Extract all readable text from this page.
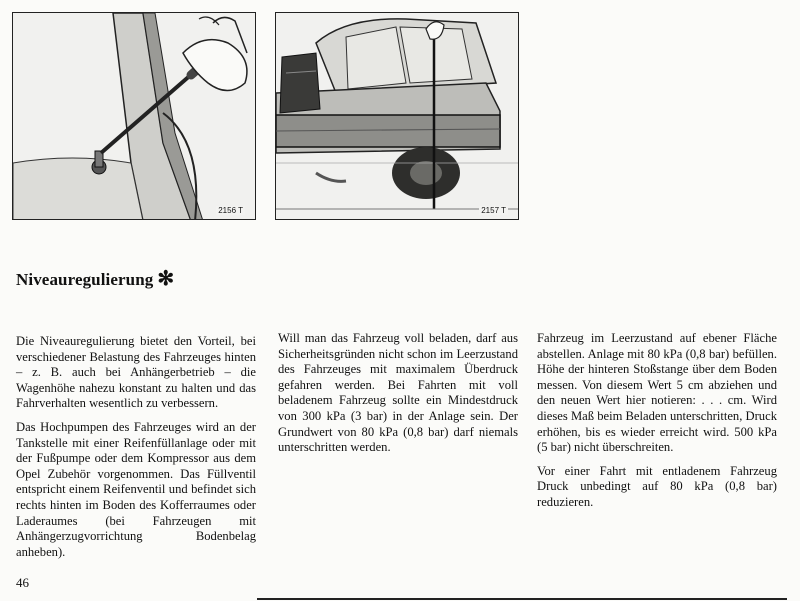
2156 T	2157 T
Niveauregulierung ✻

Die Niveauregulierung bietet den Vorteil, bei verschiedener Belastung des Fahrzeuges hinten – z. B. auch bei Anhängerbetrieb – die Wagenhöhe nahezu konstant zu halten und das Fahrverhalten wesentlich zu verbessern.

Das Hochpumpen des Fahrzeuges wird an der Tankstelle mit einer Reifenfüllanlage oder mit der Fußpumpe oder dem Kompressor aus dem Opel Zubehör vorgenommen. Das Füllventil entspricht einem Reifenventil und befindet sich rechts hinten im Boden des Kofferraumes oder Laderaumes (bei Fahrzeugen mit Anhängerzugvorrichtung Bodenbelag anheben).

Will man das Fahrzeug voll beladen, darf aus Sicherheitsgründen nicht schon im Leerzustand des Fahrzeuges mit maximalem Überdruck gefahren werden. Bei Fahrten mit voll beladenem Fahrzeug sollte ein Mindestdruck von 300 kPa (3 bar) in der Anlage sein. Der Grundwert von 80 kPa (0,8 bar) darf niemals unterschritten werden.

Fahrzeug im Leerzustand auf ebener Fläche abstellen. Anlage mit 80 kPa (0,8 bar) befüllen. Höhe der hinteren Stoßstange über dem Boden messen. Von diesem Wert 5 cm abziehen und den neuen Wert hier notieren: . . . cm. Wird dieses Maß beim Beladen unterschritten, Druck erhöhen, bis es wieder erreicht wird. 500 kPa (5 bar) nicht überschreiten.

Vor einer Fahrt mit entladenem Fahrzeug Druck unbedingt auf 80 kPa (0,8 bar) reduzieren.

46
